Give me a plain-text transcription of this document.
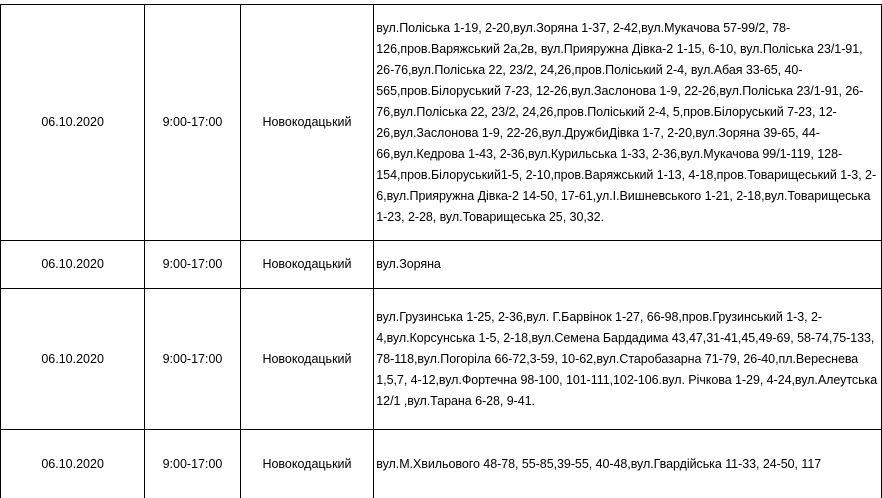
06.10.2020	9:00-17:00	Новокодацький	вул.Поліська 1-19, 2-20,вул.Зоряна 1-37, 2-42,вул.Мукачова 57-99/2, 78-126,пров.Варяжський 2а,2в, вул.Прияружна Дiвка-2 1-15, 6-10, вул.Поліська 23/1-91, 26-76,вул.Поліська 22, 23/2, 24,26,пров.Поліський 2-4, вул.Абая 33-65, 40-565,пров.Білоруський 7-23, 12-26,вул.Заслонова 1-9, 22-26,вул.Поліська 23/1-91, 26-76,вул.Поліська 22, 23/2, 24,26,пров.Поліський 2-4, 5,пров.Білоруський 7-23, 12-26,вул.Заслонова 1-9, 22-26,вул.ДружбиДiвка 1-7, 2-20,вул.Зоряна 39-65, 44-66,вул.Кедрова 1-43, 2-36,вул.Курильська 1-33, 2-36,вул.Мукачова 99/1-119, 128-154,пров.Білоруський1-5, 2-10,пров.Варяжський 1-13, 4-18,пров.Товарищеський 1-3, 2-6,вул.Прияружна Дiвка-2 14-50, 17-61,ул.I.Вишневського 1-21, 2-18,вул.Товарищеська 1-23, 2-28, вул.Товарищеська 25, 30,32.
06.10.2020	9:00-17:00	Новокодацький	вул.Зоряна
06.10.2020	9:00-17:00	Новокодацький	вул.Грузинська 1-25, 2-36,вул. Г.Барвінок 1-27, 66-98,пров.Грузинський 1-3, 2-4,вул.Корсунська 1-5, 2-18,вул.Семена Бардадима 43,47,31-41,45,49-69, 58-74,75-133, 78-118,вул.Погоріла 66-72,3-59, 10-62,вул.Старобазарна 71-79, 26-40,пл.Вереснева 1,5,7, 4-12,вул.Фортечна 98-100, 101-111,102-106.вул. Річкова 1-29, 4-24,вул.Алеутська 12/1 ,вул.Тарана 6-28, 9-41.
06.10.2020	9:00-17:00	Новокодацький	вул.М.Хвильового 48-78, 55-85,39-55, 40-48,вул.Гвардійська 11-33, 24-50, 117
